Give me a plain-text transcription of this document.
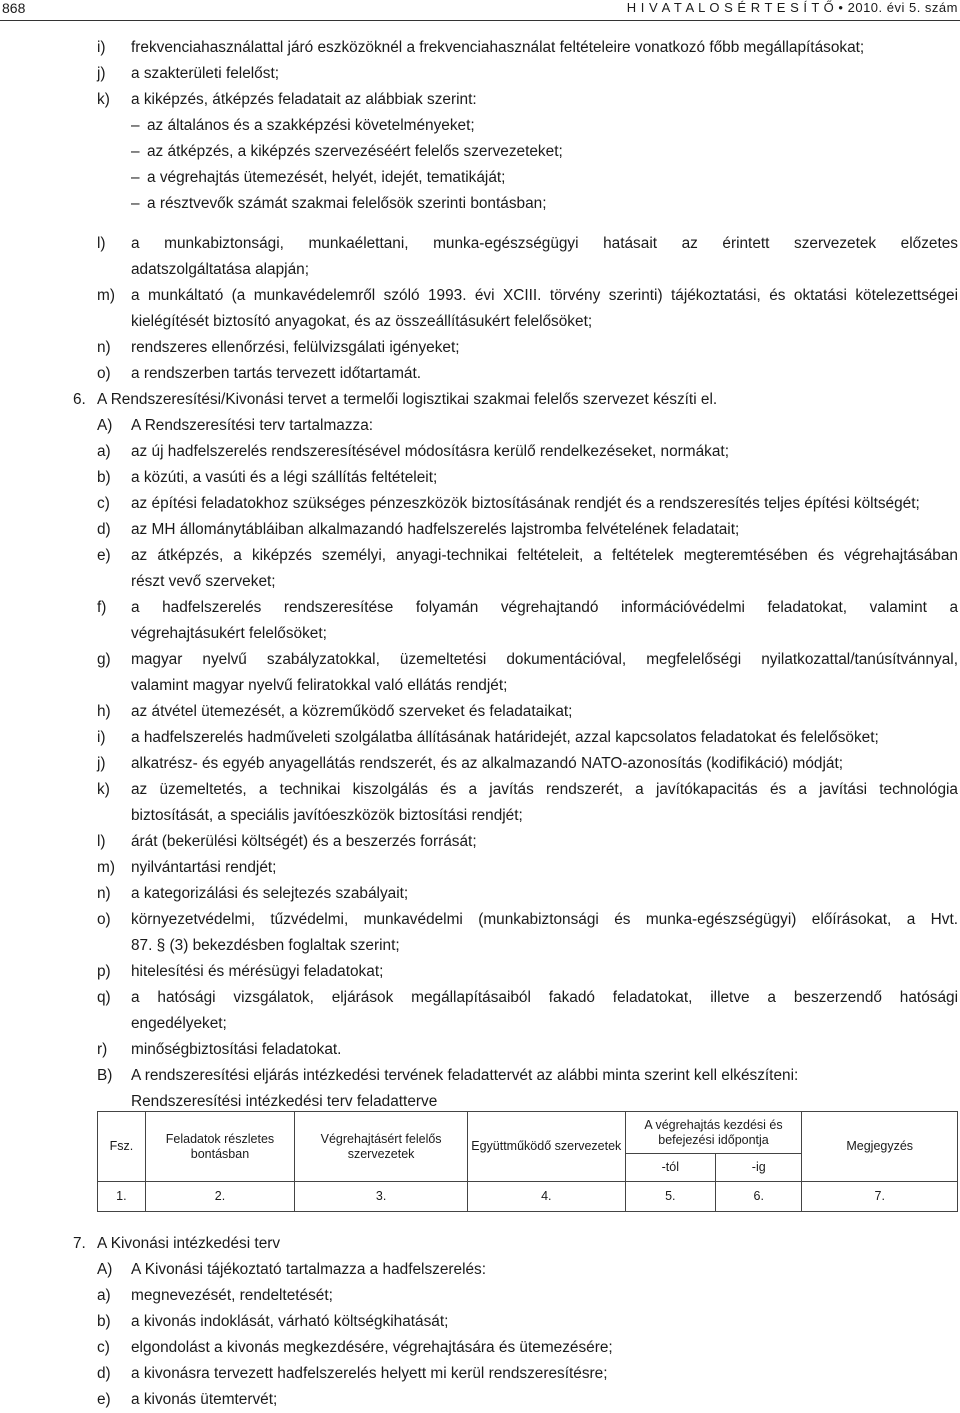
868	H I V A T A L O S É R T E S Í T Ő • 2010. évi 5. szám
i) frekvenciahasználattal járó eszközöknél a frekvenciahasználat feltételeire vonatkozó főbb megállapításokat;
j) a szakterületi felelőst;
k) a kiképzés, átképzés feladatait az alábbiak szerint:
– az általános és a szakképzési követelményeket;
– az átképzés, a kiképzés szervezéséért felelős szervezeteket;
– a végrehajtás ütemezését, helyét, idejét, tematikáját;
– a résztvevők számát szakmai felelősök szerinti bontásban;
l) a munkabiztonsági, munkaélettani, munka-egészségügyi hatásait az érintett szervezetek előzetes
adatszolgáltatása alapján;
m) a munkáltató (a munkavédelemről szóló 1993. évi XCIII. törvény szerinti) tájékoztatási, és oktatási kötelezettségei
kielégítését biztosító anyagokat, és az összeállításukért felelősöket;
n) rendszeres ellenőrzési, felülvizsgálati igényeket;
o) a rendszerben tartás tervezett időtartamát.
6. A Rendszeresítési/Kivonási tervet a termelői logisztikai szakmai felelős szervezet készíti el.
A) A Rendszeresítési terv tartalmazza:
a) az új hadfelszerelés rendszeresítésével módosításra kerülő rendelkezéseket, normákat;
b) a közúti, a vasúti és a légi szállítás feltételeit;
c) az építési feladatokhoz szükséges pénzeszközök biztosításának rendjét és a rendszeresítés teljes építési költségét;
d) az MH állománytábláiban alkalmazandó hadfelszerelés lajstromba felvételének feladatait;
e) az átképzés, a kiképzés személyi, anyagi-technikai feltételeit, a feltételek megteremtésében és végrehajtásában
részt vevő szerveket;
f) a hadfelszerelés rendszeresítése folyamán végrehajtandó információvédelmi feladatokat, valamint a
végrehajtásukért felelősöket;
g) magyar nyelvű szabályzatokkal, üzemeltetési dokumentációval, megfelelőségi nyilatkozattal/tanúsítvánnyal,
valamint magyar nyelvű feliratokkal való ellátás rendjét;
h) az átvétel ütemezését, a közreműködő szerveket és feladataikat;
i) a hadfelszerelés hadműveleti szolgálatba állításának határidejét, azzal kapcsolatos feladatokat és felelősöket;
j) alkatrész- és egyéb anyagellátás rendszerét, és az alkalmazandó NATO-azonosítás (kodifikáció) módját;
k) az üzemeltetés, a technikai kiszolgálás és a javítás rendszerét, a javítókapacitás és a javítási technológia
biztosítását, a speciális javítóeszközök biztosítási rendjét;
l) árát (bekerülési költségét) és a beszerzés forrását;
m) nyilvántartási rendjét;
n) a kategorizálási és selejtezés szabályait;
o) környezetvédelmi, tűzvédelmi, munkavédelmi (munkabiztonsági és munka-egészségügyi) előírásokat, a Hvt.
87. § (3) bekezdésben foglaltak szerint;
p) hitelesítési és mérésügyi feladatokat;
q) a hatósági vizsgálatok, eljárások megállapításaiból fakadó feladatokat, illetve a beszerzendő hatósági
engedélyeket;
r) minőségbiztosítási feladatokat.
B) A rendszeresítési eljárás intézkedési tervének feladattervét az alábbi minta szerint kell elkészíteni:
Rendszeresítési intézkedési terv feladatterve
7. A Kivonási intézkedési terv
A) A Kivonási tájékoztató tartalmazza a hadfelszerelés:
a) megnevezését, rendeltetését;
b) a kivonás indoklását, várható költségkihatását;
c) elgondolást a kivonás megkezdésére, végrehajtására és ütemezésére;
d) a kivonásra tervezett hadfelszerelés helyett mi kerül rendszeresítésre;
e) a kivonás ütemtervét;
Fsz.	Feladatok részletes bontásban	Végrehajtásért felelős szervezetek	Együttműködő szervezetek	A végrehajtás kezdési és befejezési időpontja		Megjegyzés
				-tól	-ig	
1.	2.	3.	4.	5.	6.	7.
